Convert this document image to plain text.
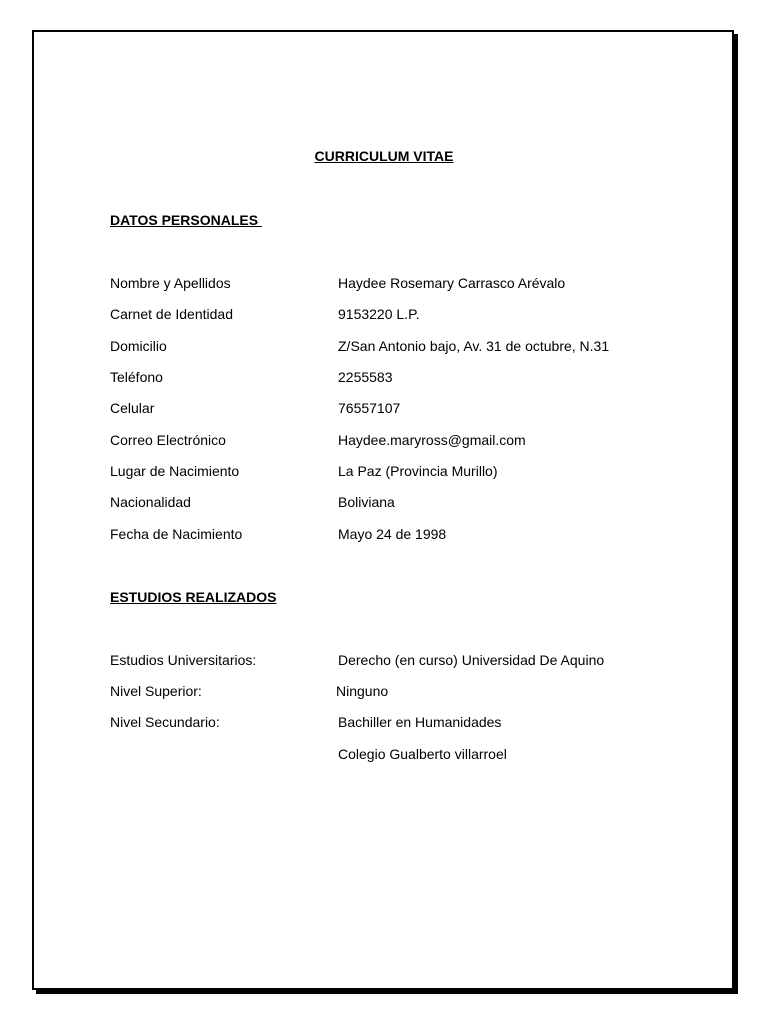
CURRICULUM VITAE
DATOS PERSONALES
Nombre y Apellidos	Haydee Rosemary Carrasco Arévalo
Carnet de Identidad	9153220 L.P.
Domicilio	Z/San Antonio bajo, Av. 31 de octubre, N.31
Teléfono	2255583
Celular	76557107
Correo Electrónico	Haydee.maryross@gmail.com
Lugar de Nacimiento	La Paz (Provincia Murillo)
Nacionalidad	Boliviana
Fecha de Nacimiento	Mayo 24 de 1998
ESTUDIOS REALIZADOS
Estudios Universitarios:	Derecho (en curso) Universidad De Aquino
Nivel Superior:	Ninguno
Nivel Secundario:	Bachiller en Humanidades
Colegio Gualberto villarroel
